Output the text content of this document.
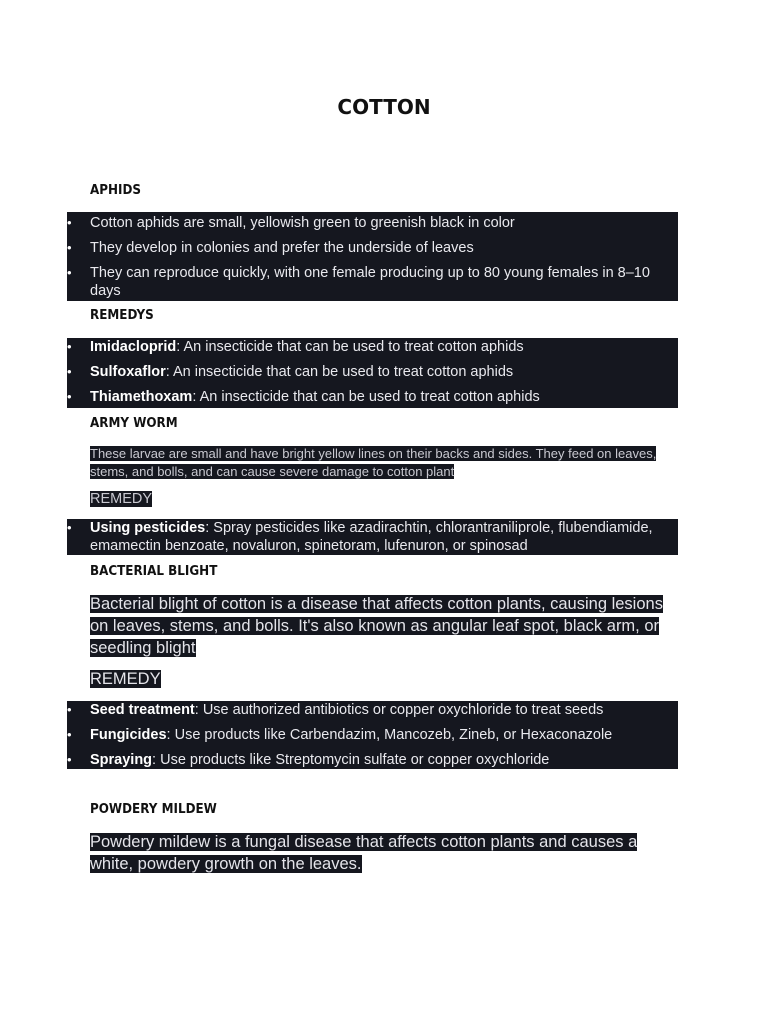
COTTON
APHIDS
• Cotton aphids are small, yellowish green to greenish black in color
• They develop in colonies and prefer the underside of leaves
• They can reproduce quickly, with one female producing up to 80 young females in 8–10 days
REMEDYS
• Imidacloprid: An insecticide that can be used to treat cotton aphids
• Sulfoxaflor: An insecticide that can be used to treat cotton aphids
• Thiamethoxam: An insecticide that can be used to treat cotton aphids
ARMY WORM
These larvae are small and have bright yellow lines on their backs and sides. They feed on leaves, stems, and bolls, and can cause severe damage to cotton plant
REMEDY
• Using pesticides: Spray pesticides like azadirachtin, chlorantraniliprole, flubendiamide, emamectin benzoate, novaluron, spinetoram, lufenuron, or spinosad
BACTERIAL BLIGHT
Bacterial blight of cotton is a disease that affects cotton plants, causing lesions on leaves, stems, and bolls. It's also known as angular leaf spot, black arm, or seedling blight
REMEDY
• Seed treatment: Use authorized antibiotics or copper oxychloride to treat seeds
• Fungicides: Use products like Carbendazim, Mancozeb, Zineb, or Hexaconazole
• Spraying: Use products like Streptomycin sulfate or copper oxychloride
POWDERY MILDEW
Powdery mildew is a fungal disease that affects cotton plants and causes a white, powdery growth on the leaves.
